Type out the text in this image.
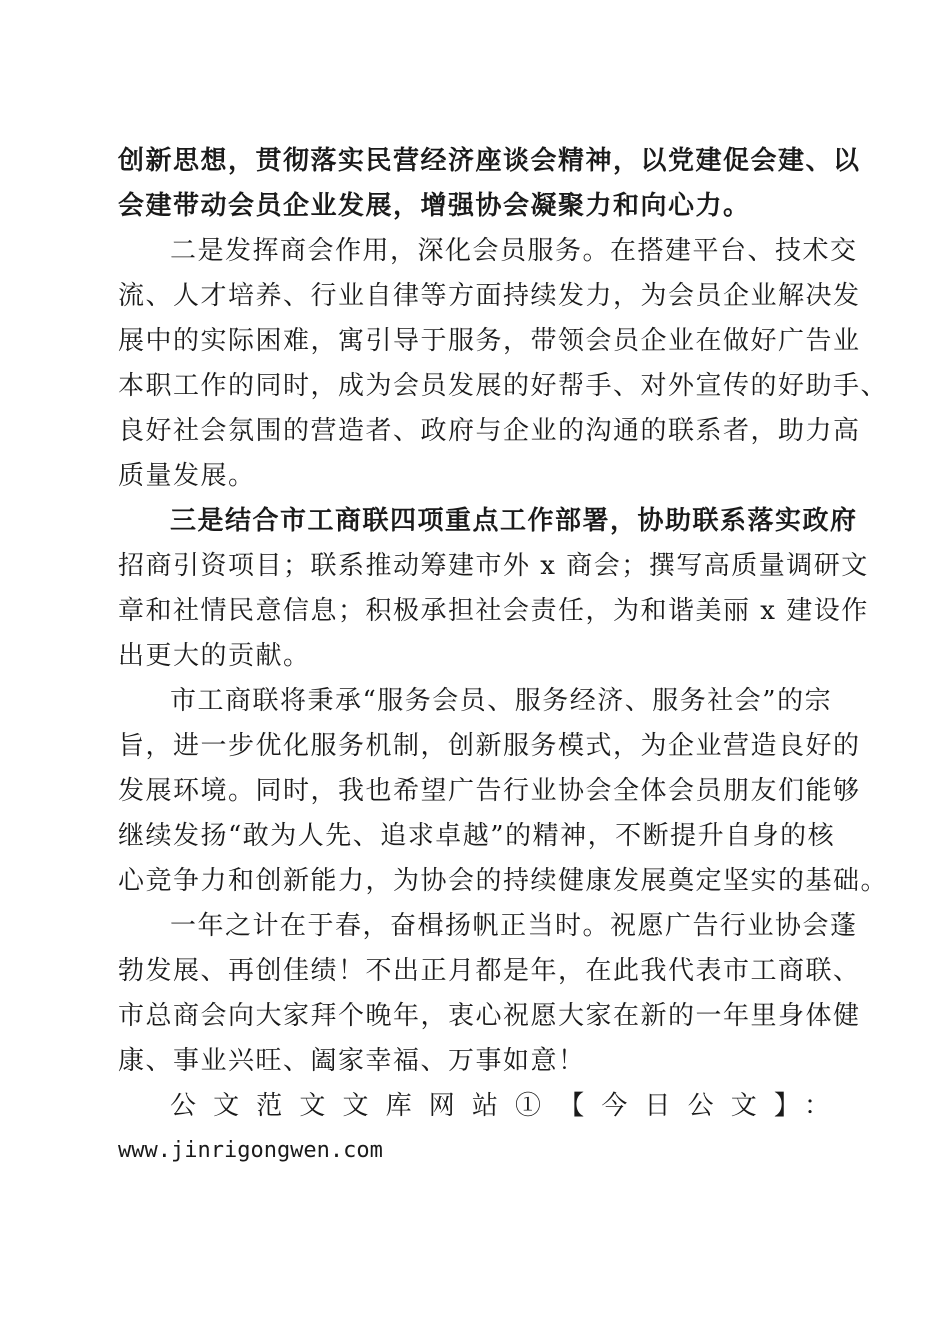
创新思想，贯彻落实民营经济座谈会精神，以党建促会建、以
会建带动会员企业发展，增强协会凝聚力和向心力。
二是发挥商会作用，深化会员服务。在搭建平台、技术交
流、人才培养、行业自律等方面持续发力，为会员企业解决发
展中的实际困难，寓引导于服务，带领会员企业在做好广告业
本职工作的同时，成为会员发展的好帮手、对外宣传的好助手、
良好社会氛围的营造者、政府与企业的沟通的联系者，助力高
质量发展。
三是结合市工商联四项重点工作部署，协助联系落实政府
招商引资项目；联系推动筹建市外 x 商会；撰写高质量调研文
章和社情民意信息；积极承担社会责任，为和谐美丽 x 建设作
出更大的贡献。
市工商联将秉承“服务会员、服务经济、服务社会”的宗
旨，进一步优化服务机制，创新服务模式，为企业营造良好的
发展环境。同时，我也希望广告行业协会全体会员朋友们能够
继续发扬“敢为人先、追求卓越”的精神，不断提升自身的核
心竞争力和创新能力，为协会的持续健康发展奠定坚实的基础。
一年之计在于春，奋楫扬帆正当时。祝愿广告行业协会蓬
勃发展、再创佳绩！不出正月都是年，在此我代表市工商联、
市总商会向大家拜个晚年，衷心祝愿大家在新的一年里身体健
康、事业兴旺、阖家幸福、万事如意！
公文范文文库网站①【今日公文】：
www.jinrigongwen.com
